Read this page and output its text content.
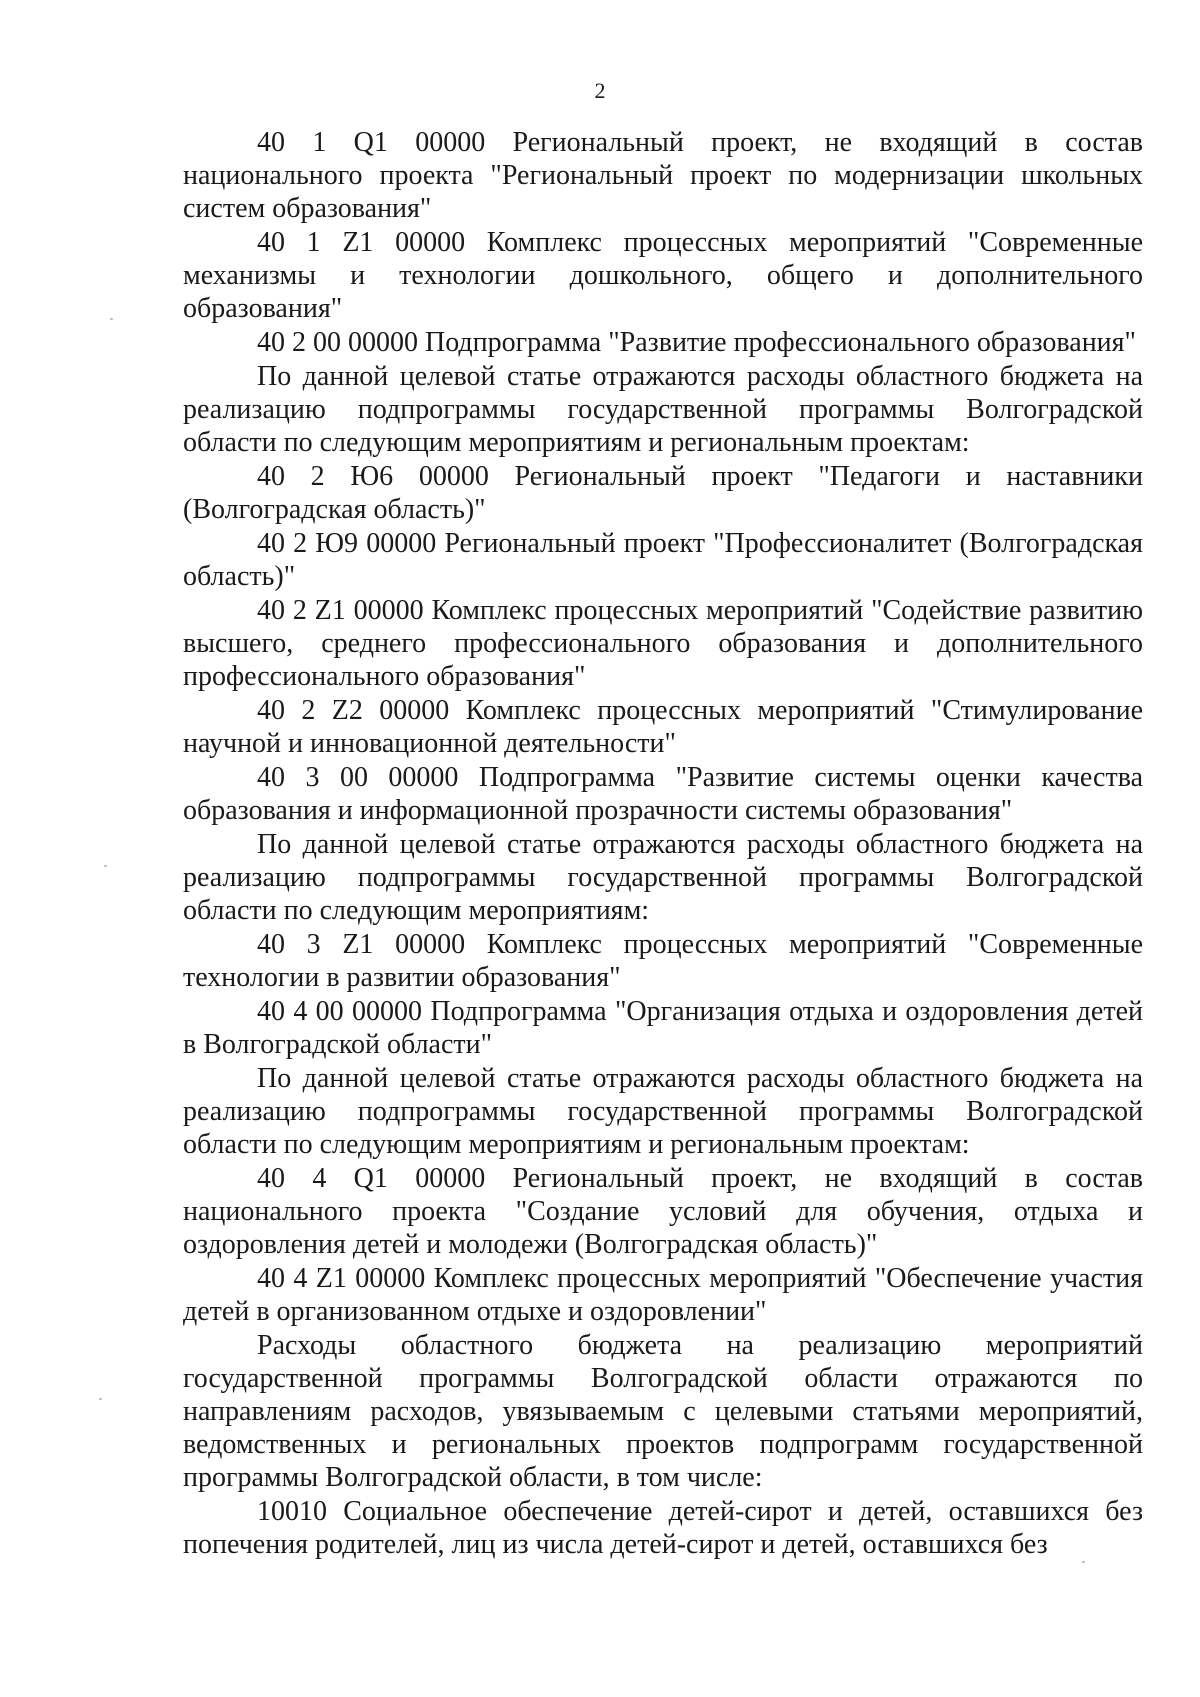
2

40 1 Q1 00000 Региональный проект, не входящий в состав национального проекта "Региональный проект по модернизации школьных систем образования"

40 1 Z1 00000 Комплекс процессных мероприятий "Современные механизмы и технологии дошкольного, общего и дополнительного образования"

40 2 00 00000 Подпрограмма "Развитие профессионального образования"

По данной целевой статье отражаются расходы областного бюджета на реализацию подпрограммы государственной программы Волгоградской области по следующим мероприятиям и региональным проектам:

40 2 Ю6 00000 Региональный проект "Педагоги и наставники (Волгоградская область)"

40 2 Ю9 00000 Региональный проект "Профессионалитет (Волгоградская область)"

40 2 Z1 00000 Комплекс процессных мероприятий "Содействие развитию высшего, среднего профессионального образования и дополнительного профессионального образования"

40 2 Z2 00000 Комплекс процессных мероприятий "Стимулирование научной и инновационной деятельности"

40 3 00 00000 Подпрограмма "Развитие системы оценки качества образования и информационной прозрачности системы образования"

По данной целевой статье отражаются расходы областного бюджета на реализацию подпрограммы государственной программы Волгоградской области по следующим мероприятиям:

40 3 Z1 00000 Комплекс процессных мероприятий "Современные технологии в развитии образования"

40 4 00 00000 Подпрограмма "Организация отдыха и оздоровления детей в Волгоградской области"

По данной целевой статье отражаются расходы областного бюджета на реализацию подпрограммы государственной программы Волгоградской области по следующим мероприятиям и региональным проектам:

40 4 Q1 00000 Региональный проект, не входящий в состав национального проекта "Создание условий для обучения, отдыха и оздоровления детей и молодежи (Волгоградская область)"

40 4 Z1 00000 Комплекс процессных мероприятий "Обеспечение участия детей в организованном отдыхе и оздоровлении"

Расходы областного бюджета на реализацию мероприятий государственной программы Волгоградской области отражаются по направлениям расходов, увязываемым с целевыми статьями мероприятий, ведомственных и региональных проектов подпрограмм государственной программы Волгоградской области, в том числе:

10010 Социальное обеспечение детей-сирот и детей, оставшихся без попечения родителей, лиц из числа детей-сирот и детей, оставшихся без
